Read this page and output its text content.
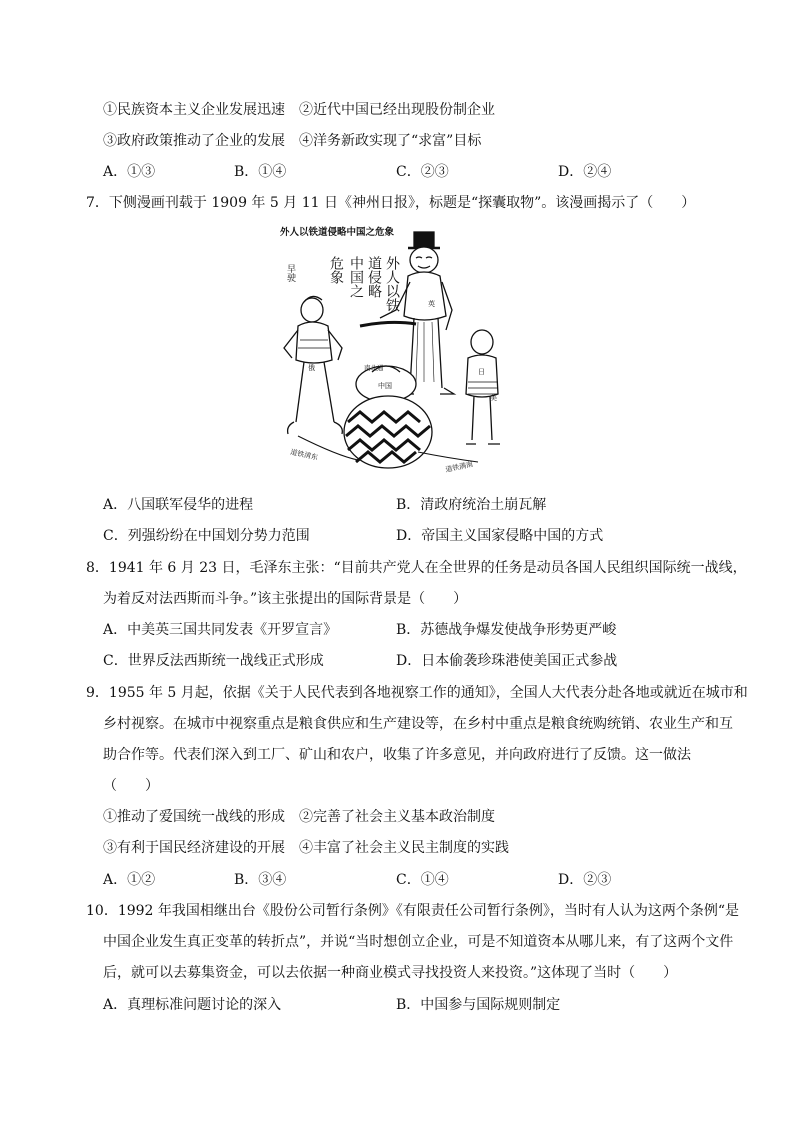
①民族资本主义企业发展迅速　②近代中国已经出现股份制企业
③政府政策推动了企业的发展　④洋务新政实现了“求富”目标
A．①③	B．①④	C．②③	D．②④
7．下侧漫画刊载于 1909 年 5 月 11 日《神州日报》，标题是“探囊取物”。该漫画揭示了（　　）
外人以铁道侵略中国之危象
外人以铁
道侵略
中国之
危象
早驶
英
俄	日
美
中国
南北通
道铁清东
道铁满南
A．八国联军侵华的进程	B．清政府统治土崩瓦解
C．列强纷纷在中国划分势力范围	D．帝国主义国家侵略中国的方式
8．1941 年 6 月 23 日，毛泽东主张：“目前共产党人在全世界的任务是动员各国人民组织国际统一战线，
为着反对法西斯而斗争。”该主张提出的国际背景是（　　）
A．中美英三国共同发表《开罗宣言》	B．苏德战争爆发使战争形势更严峻
C．世界反法西斯统一战线正式形成	D．日本偷袭珍珠港使美国正式参战
9．1955 年 5 月起，依据《关于人民代表到各地视察工作的通知》，全国人大代表分赴各地或就近在城市和
乡村视察。在城市中视察重点是粮食供应和生产建设等，在乡村中重点是粮食统购统销、农业生产和互
助合作等。代表们深入到工厂、矿山和农户，收集了许多意见，并向政府进行了反馈。这一做法
（　　）
①推动了爱国统一战线的形成　②完善了社会主义基本政治制度
③有利于国民经济建设的开展　④丰富了社会主义民主制度的实践
A．①②	B．③④	C．①④	D．②③
10．1992 年我国相继出台《股份公司暂行条例》《有限责任公司暂行条例》，当时有人认为这两个条例“是
中国企业发生真正变革的转折点”，并说“当时想创立企业，可是不知道资本从哪儿来，有了这两个文件
后，就可以去募集资金，可以去依据一种商业模式寻找投资人来投资。”这体现了当时（　　）
A．真理标准问题讨论的深入	B．中国参与国际规则制定
